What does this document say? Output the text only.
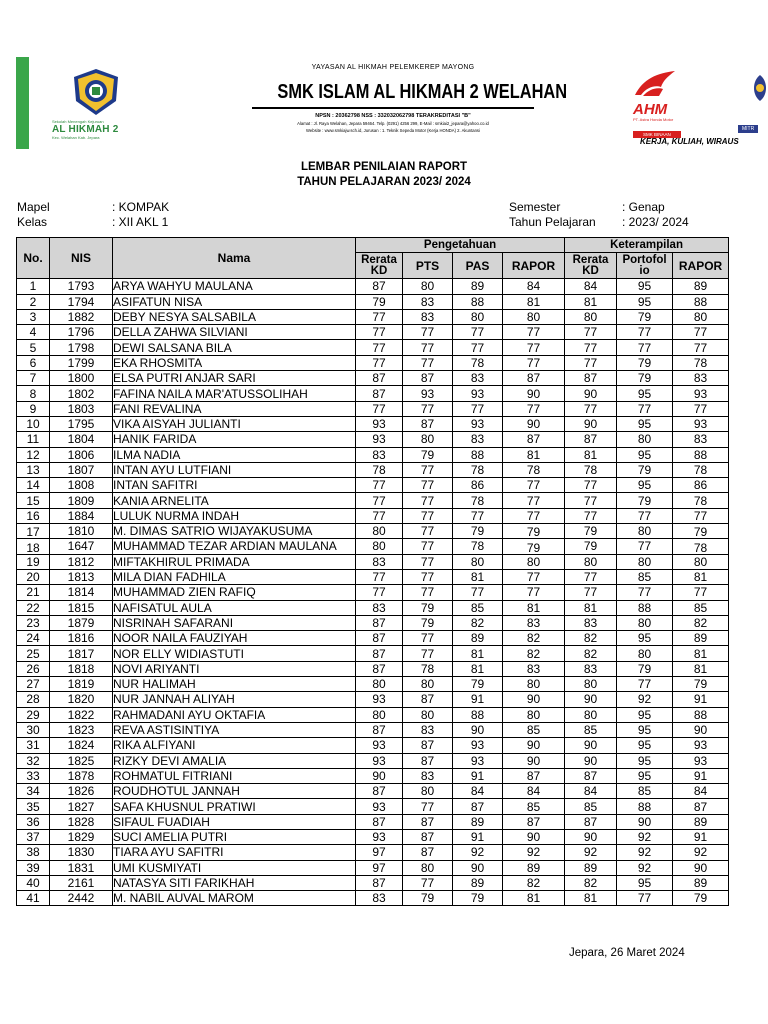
Sekolah Menengah Kejuruan
AL HIKMAH 2
Kec. Welahan Kab. Jepara
YAYASAN AL HIKMAH PELEMKEREP MAYONG
SMK ISLAM AL HIKMAH 2 WELAHAN
NPSN : 20362798 NSS : 332032062798 TERAKREDITASI "B"
Alamat : Jl. Raya Welahan, Jepara 59464. Telp. (0291) 4256 299, E-Mail : smkiai2_jepara@yahoo.co.id
Website : www.smkiajw.sch.id, Jurusan : 1. Teknik Sepeda Motor (Kerja HONDA) 2. Akuntansi
AHM
PT. Astra Honda Motor
SMK BINAAN
MITR
KERJA, KULIAH, WIRAUS
LEMBAR PENILAIAN RAPORT
TAHUN PELAJARAN 2023/ 2024
Mapel	: KOMPAK
Kelas	: XII AKL 1
Semester	: Genap
Tahun Pelajaran : 2023/ 2024
No.	NIS	Nama	Pengetahuan				Keterampilan		
			Rerata KD	PTS	PAS	RAPOR	Rerata KD	Portofol io	RAPOR
1	1793	ARYA WAHYU MAULANA	87	80	89	84	84	95	89
2	1794	ASIFATUN NISA	79	83	88	81	81	95	88
3	1882	DEBY NESYA SALSABILA	77	83	80	80	80	79	80
4	1796	DELLA ZAHWA SILVIANI	77	77	77	77	77	77	77
5	1798	DEWI SALSANA BILA	77	77	77	77	77	77	77
6	1799	EKA RHOSMITA	77	77	78	77	77	79	78
7	1800	ELSA PUTRI ANJAR SARI	87	87	83	87	87	79	83
8	1802	FAFINA NAILA MAR'ATUSSOLIHAH	87	93	93	90	90	95	93
9	1803	FANI REVALINA	77	77	77	77	77	77	77
10	1795	VIKA AISYAH JULIANTI	93	87	93	90	90	95	93
11	1804	HANIK FARIDA	93	80	83	87	87	80	83
12	1806	ILMA NADIA	83	79	88	81	81	95	88
13	1807	INTAN AYU LUTFIANI	78	77	78	78	78	79	78
14	1808	INTAN SAFITRI	77	77	86	77	77	95	86
15	1809	KANIA ARNELITA	77	77	78	77	77	79	78
16	1884	LULUK NURMA INDAH	77	77	77	77	77	77	77
17	1810	M. DIMAS SATRIO WIJAYAKUSUMA	80	77	79	79	79	80	79
18	1647	MUHAMMAD TEZAR ARDIAN MAULANA	80	77	78	79	79	77	78
19	1812	MIFTAKHIRUL PRIMADA	83	77	80	80	80	80	80
20	1813	MILA DIAN FADHILA	77	77	81	77	77	85	81
21	1814	MUHAMMAD ZIEN RAFIQ	77	77	77	77	77	77	77
22	1815	NAFISATUL AULA	83	79	85	81	81	88	85
23	1879	NISRINAH SAFARANI	87	79	82	83	83	80	82
24	1816	NOOR NAILA FAUZIYAH	87	77	89	82	82	95	89
25	1817	NOR ELLY WIDIASTUTI	87	77	81	82	82	80	81
26	1818	NOVI ARIYANTI	87	78	81	83	83	79	81
27	1819	NUR HALIMAH	80	80	79	80	80	77	79
28	1820	NUR JANNAH ALIYAH	93	87	91	90	90	92	91
29	1822	RAHMADANI AYU OKTAFIA	80	80	88	80	80	95	88
30	1823	REVA ASTISINTIYA	87	83	90	85	85	95	90
31	1824	RIKA ALFIYANI	93	87	93	90	90	95	93
32	1825	RIZKY DEVI AMALIA	93	87	93	90	90	95	93
33	1878	ROHMATUL FITRIANI	90	83	91	87	87	95	91
34	1826	ROUDHOTUL JANNAH	87	80	84	84	84	85	84
35	1827	SAFA KHUSNUL PRATIWI	93	77	87	85	85	88	87
36	1828	SIFAUL FUADIAH	87	87	89	87	87	90	89
37	1829	SUCI AMELIA PUTRI	93	87	91	90	90	92	91
38	1830	TIARA AYU SAFITRI	97	87	92	92	92	92	92
39	1831	UMI KUSMIYATI	97	80	90	89	89	92	90
40	2161	NATASYA SITI FARIKHAH	87	77	89	82	82	95	89
41	2442	M. NABIL AUVAL MAROM	83	79	79	81	81	77	79
Jepara, 26 Maret 2024
